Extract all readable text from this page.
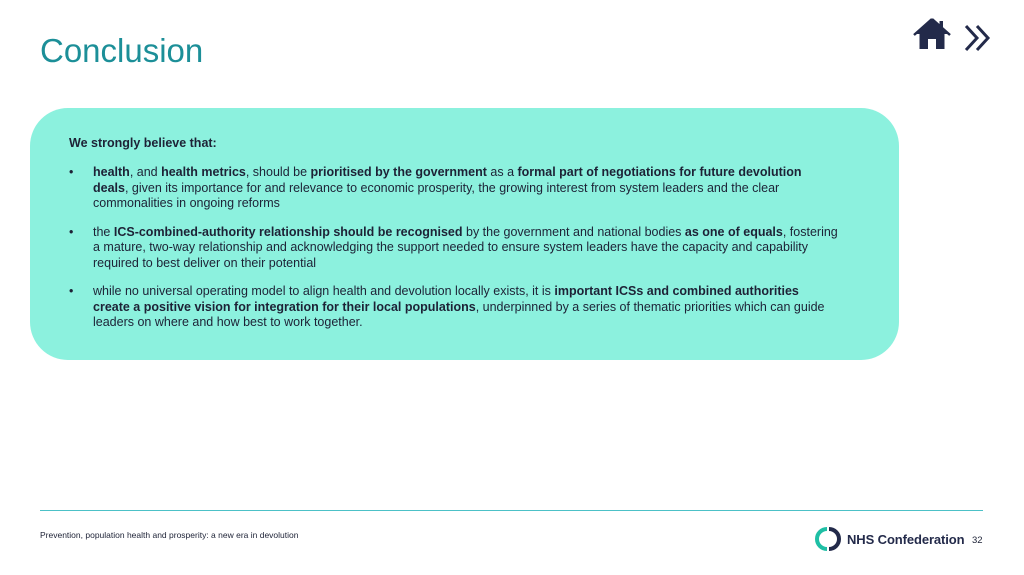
Conclusion

We strongly believe that:

• health, and health metrics, should be prioritised by the government as a formal part of negotiations for future devolution deals, given its importance for and relevance to economic prosperity, the growing interest from system leaders and the clear commonalities in ongoing reforms
• the ICS-combined-authority relationship should be recognised by the government and national bodies as one of equals, fostering a mature, two-way relationship and acknowledging the support needed to ensure system leaders have the capacity and capability required to best deliver on their potential
• while no universal operating model to align health and devolution locally exists, it is important ICSs and combined authorities create a positive vision for integration for their local populations, underpinned by a series of thematic priorities which can guide leaders on where and how best to work together.
Prevention, population health and prosperity: a new era in devolution	NHS Confederation 32
